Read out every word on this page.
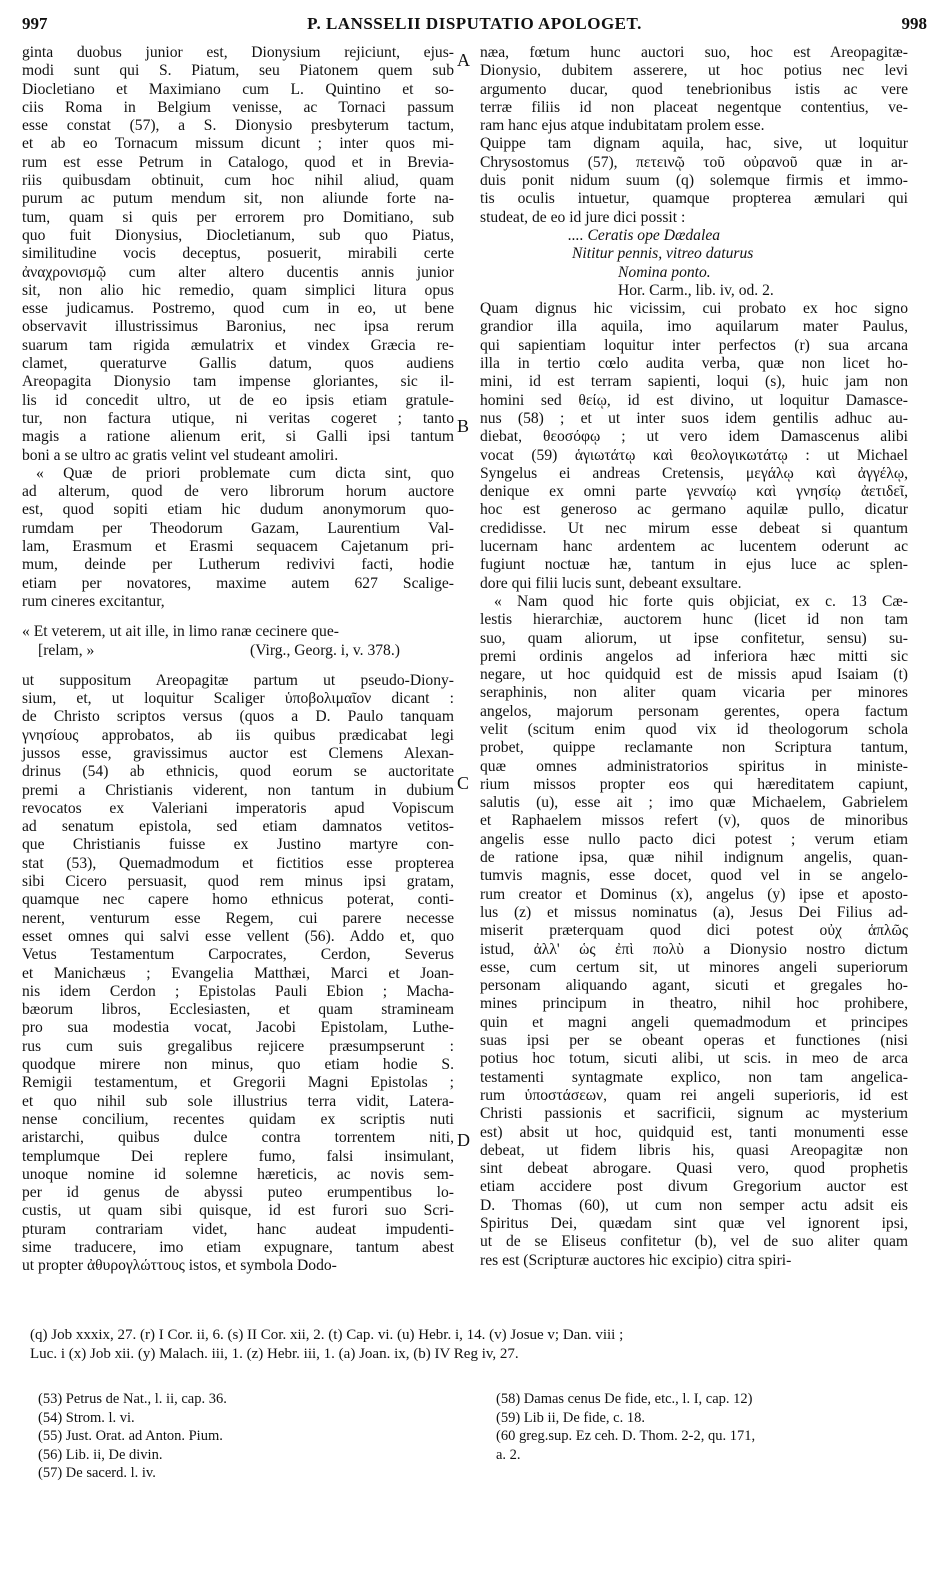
997	P. LANSSELII DISPUTATIO APOLOGET.	998
A
B
C
D
ginta duobus junior est, Dionysium rejiciunt, ejus-
modi sunt qui S. Piatum, seu Piatonem quem sub
Diocletiano et Maximiano cum L. Quintino et so-
ciis Roma in Belgium venisse, ac Tornaci passum
esse constat (57), a S. Dionysio presbyterum tactum,
et ab eo Tornacum missum dicunt ; inter quos mi-
rum est esse Petrum in Catalogo, quod et in Brevia-
riis quibusdam obtinuit, cum hoc nihil aliud, quam
purum ac putum mendum sit, non aliunde forte na-
tum, quam si quis per errorem pro Domitiano, sub
quo fuit Dionysius, Diocletianum, sub quo Piatus,
similitudine vocis deceptus, posuerit, mirabili certe
ἀναχρονισμῷ cum alter altero ducentis annis junior
sit, non alio hic remedio, quam simplici litura opus
esse judicamus. Postremo, quod cum in eo, ut bene
observavit illustrissimus Baronius, nec ipsa rerum
suarum tam rigida æmulatrix et vindex Græcia re-
clamet, queraturve Gallis datum, quos audiens
Areopagita Dionysio tam impense gloriantes, sic il-
lis id concedit ultro, ut de eo ipsis etiam gratule-
tur, non factura utique, ni veritas cogeret ; tanto
magis a ratione alienum erit, si Galli ipsi tantum
boni a se ultro ac gratis velint vel studeant amoliri.
« Quæ de priori problemate cum dicta sint, quo
ad alterum, quod de vero librorum horum auctore
est, quod sopiti etiam hic dudum anonymorum quo-
rumdam per Theodorum Gazam, Laurentium Val-
lam, Erasmum et Erasmi sequacem Cajetanum pri-
mum, deinde per Lutherum redivivi facti, hodie
etiam per novatores, maxime autem 627 Scalige-
rum cineres excitantur,
« Et veterem, ut ait ille, in limo ranæ cecinere que-
[relam, »	(Virg., Georg. i, v. 378.)
ut suppositum Areopagitæ partum ut pseudo-Diony-
sium, et, ut loquitur Scaliger ὑποβολιμαῖον dicant :
de Christo scriptos versus (quos a D. Paulo tanquam
γνησίους approbatos, ab iis quibus prædicabat legi
jussos esse, gravissimus auctor est Clemens Alexan-
drinus (54) ab ethnicis, quod eorum se auctoritate
premi a Christianis viderent, non tantum in dubium
revocatos ex Valeriani imperatoris apud Vopiscum
ad senatum epistola, sed etiam damnatos vetitos-
que Christianis fuisse ex Justino martyre con-
stat (53), Quemadmodum et fictitios esse propterea
sibi Cicero persuasit, quod rem minus ipsi gratam,
quamque nec capere homo ethnicus poterat, conti-
nerent, venturum esse Regem, cui parere necesse
esset omnes qui salvi esse vellent (56). Addo et, quo
Vetus Testamentum Carpocrates, Cerdon, Severus
et Manichæus ; Evangelia Matthæi, Marci et Joan-
nis idem Cerdon ; Epistolas Pauli Ebion ; Macha-
bæorum libros, Ecclesiasten, et quam stramineam
pro sua modestia vocat, Jacobi Epistolam, Luthe-
rus cum suis gregalibus rejicere præsumpserunt :
quodque mirere non minus, quo etiam hodie S.
Remigii testamentum, et Gregorii Magni Epistolas ;
et quo nihil sub sole illustrius terra vidit, Latera-
nense concilium, recentes quidam ex scriptis nuti
aristarchi, quibus dulce contra torrentem niti,
templumque Dei replere fumo, falsi insimulant,
unoque nomine id solemne hæreticis, ac novis sem-
per id genus de abyssi puteo erumpentibus lo-
custis, ut quam sibi quisque, id est furori suo Scri-
pturam contrariam videt, hanc audeat impudenti-
sime traducere, imo etiam expugnare, tantum abest
ut propter ἀθυρογλώττους istos, et symbola Dodo-
næa, fœtum hunc auctori suo, hoc est Areopagitæ-
Dionysio, dubitem asserere, ut hoc potius nec levi
argumento ducar, quod tenebrionibus istis ac vere
terræ filiis id non placeat negentque contentius, ve-
ram hanc ejus atque indubitatam prolem esse.
Quippe tam dignam aquila, hac, sive, ut loquitur
Chrysostomus (57), πετεινῷ τοῦ οὐρανοῦ quæ in ar-
duis ponit nidum suum (q) solemque firmis et immo-
tis oculis intuetur, quamque propterea æmulari qui
studeat, de eo id jure dici possit :
.... Ceratis ope Dædalea
Nititur pennis, vitreo daturus
Nomina ponto.
Hor. Carm., lib. iv, od. 2.
Quam dignus hic vicissim, cui probato ex hoc signo
grandior illa aquila, imo aquilarum mater Paulus,
qui sapientiam loquitur inter perfectos (r) sua arcana
illa in tertio cœlo audita verba, quæ non licet ho-
mini, id est terram sapienti, loqui (s), huic jam non
homini sed θείῳ, id est divino, ut loquitur Damasce-
nus (58) ; et ut inter suos idem gentilis adhuc au-
diebat, θεοσόφῳ ; ut vero idem Damascenus alibi
vocat (59) ἁγιωτάτῳ καὶ θεολογικωτάτῳ : ut Michael
Syngelus ei andreas Cretensis, μεγάλῳ καὶ ἀγγέλῳ,
denique ex omni parte γενναίῳ καὶ γνησίῳ ἀετιδεῖ,
hoc est generoso ac germano aquilæ pullo, dicatur
credidisse. Ut nec mirum esse debeat si quantum
lucernam hanc ardentem ac lucentem oderunt ac
fugiunt noctuæ hæ, tantum in ejus luce ac splen-
dore qui filii lucis sunt, debeant exsultare.
« Nam quod hic forte quis objiciat, ex c. 13 Cæ-
lestis hierarchiæ, auctorem hunc (licet id non tam
suo, quam aliorum, ut ipse confitetur, sensu) su-
premi ordinis angelos ad inferiora hæc mitti sic
negare, ut hoc quidquid est de missis apud Isaiam (t)
seraphinis, non aliter quam vicaria per minores
angelos, majorum personam gerentes, opera factum
velit (scitum enim quod vix id theologorum schola
probet, quippe reclamante non Scriptura tantum,
quæ omnes administratorios spiritus in ministe-
rium missos propter eos qui hæreditatem capiunt,
salutis (u), esse ait ; imo quæ Michaelem, Gabrielem
et Raphaelem missos refert (v), quos de minoribus
angelis esse nullo pacto dici potest ; verum etiam
de ratione ipsa, quæ nihil indignum angelis, quan-
tumvis magnis, esse docet, quod vel in se angelo-
rum creator et Dominus (x), angelus (y) ipse et aposto-
lus (z) et missus nominatus (a), Jesus Dei Filius ad-
miserit præterquam quod dici potest οὐχ ἁπλῶς
istud, ἀλλ' ὡς ἐπὶ πολὺ a Dionysio nostro dictum
esse, cum certum sit, ut minores angeli superiorum
personam aliquando agant, sicuti et gregales ho-
mines principum in theatro, nihil hoc prohibere,
quin et magni angeli quemadmodum et principes
suas ipsi per se obeant operas et functiones (nisi
potius hoc totum, sicuti alibi, ut scis. in meo de arca
testamenti syntagmate explico, non tam angelica-
rum ὑποστάσεων, quam rei angeli superioris, id est
Christi passionis et sacrificii, signum ac mysterium
est) absit ut hoc, quidquid est, tanti monumenti esse
debeat, ut fidem libris his, quasi Areopagitæ non
sint debeat abrogare. Quasi vero, quod prophetis
etiam accidere post divum Gregorium auctor est
D. Thomas (60), ut cum non semper actu adsit eis
Spiritus Dei, quædam sint quæ vel ignorent ipsi,
ut de se Eliseus confitetur (b), vel de suo aliter quam
res est (Scripturæ auctores hic excipio) citra spiri-
(q) Job xxxix, 27. (r) I Cor. ii, 6. (s) II Cor. xii, 2. (t) Cap. vi. (u) Hebr. i, 14. (v) Josue v; Dan. viii ;
Luc. i (x) Job xii. (y) Malach. iii, 1. (z) Hebr. iii, 1. (a) Joan. ix, (b) IV Reg iv, 27.
(53) Petrus de Nat., l. ii, cap. 36.
(54) Strom. l. vi.
(55) Just. Orat. ad Anton. Pium.
(56) Lib. ii, De divin.
(57) De sacerd. l. iv.
(58) Damas cenus De fide, etc., l. I, cap. 12)
(59) Lib ii, De fide, c. 18.
(60 greg.sup. Ez ceh. D. Thom. 2-2, qu. 171,
a. 2.
